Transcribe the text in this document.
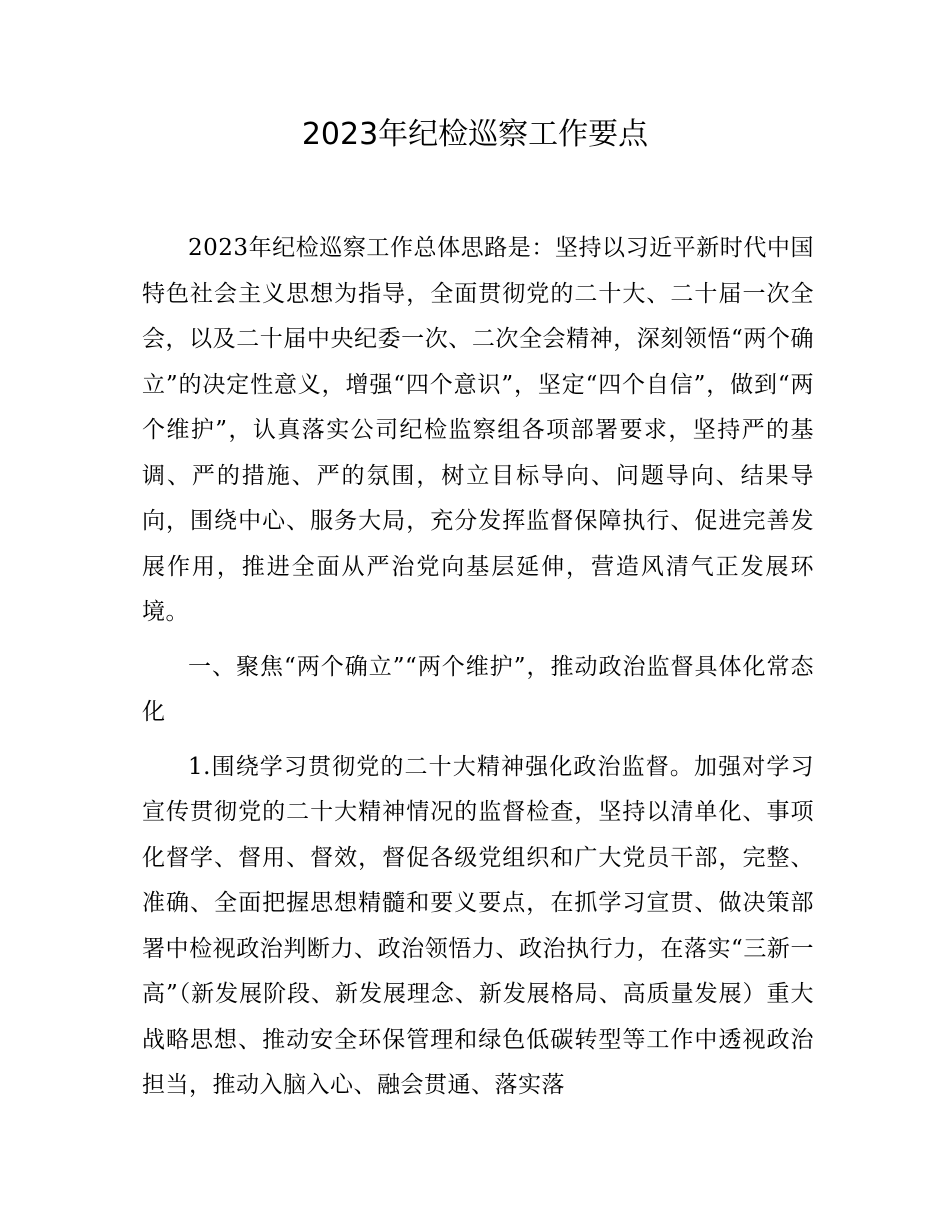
2023年纪检巡察工作要点

2023年纪检巡察工作总体思路是：坚持以习近平新时代中国特色社会主义思想为指导，全面贯彻党的二十大、二十届一次全会，以及二十届中央纪委一次、二次全会精神，深刻领悟“两个确立”的决定性意义，增强“四个意识”，坚定“四个自信”，做到“两个维护”，认真落实公司纪检监察组各项部署要求，坚持严的基调、严的措施、严的氛围，树立目标导向、问题导向、结果导向，围绕中心、服务大局，充分发挥监督保障执行、促进完善发展作用，推进全面从严治党向基层延伸，营造风清气正发展环境。

一、聚焦“两个确立”“两个维护”，推动政治监督具体化常态化

1.围绕学习贯彻党的二十大精神强化政治监督。加强对学习宣传贯彻党的二十大精神情况的监督检查，坚持以清单化、事项化督学、督用、督效，督促各级党组织和广大党员干部，完整、准确、全面把握思想精髓和要义要点，在抓学习宣贯、做决策部署中检视政治判断力、政治领悟力、政治执行力，在落实“三新一高”（新发展阶段、新发展理念、新发展格局、高质量发展）重大战略思想、推动安全环保管理和绿色低碳转型等工作中透视政治担当，推动入脑入心、融会贯通、落实落
